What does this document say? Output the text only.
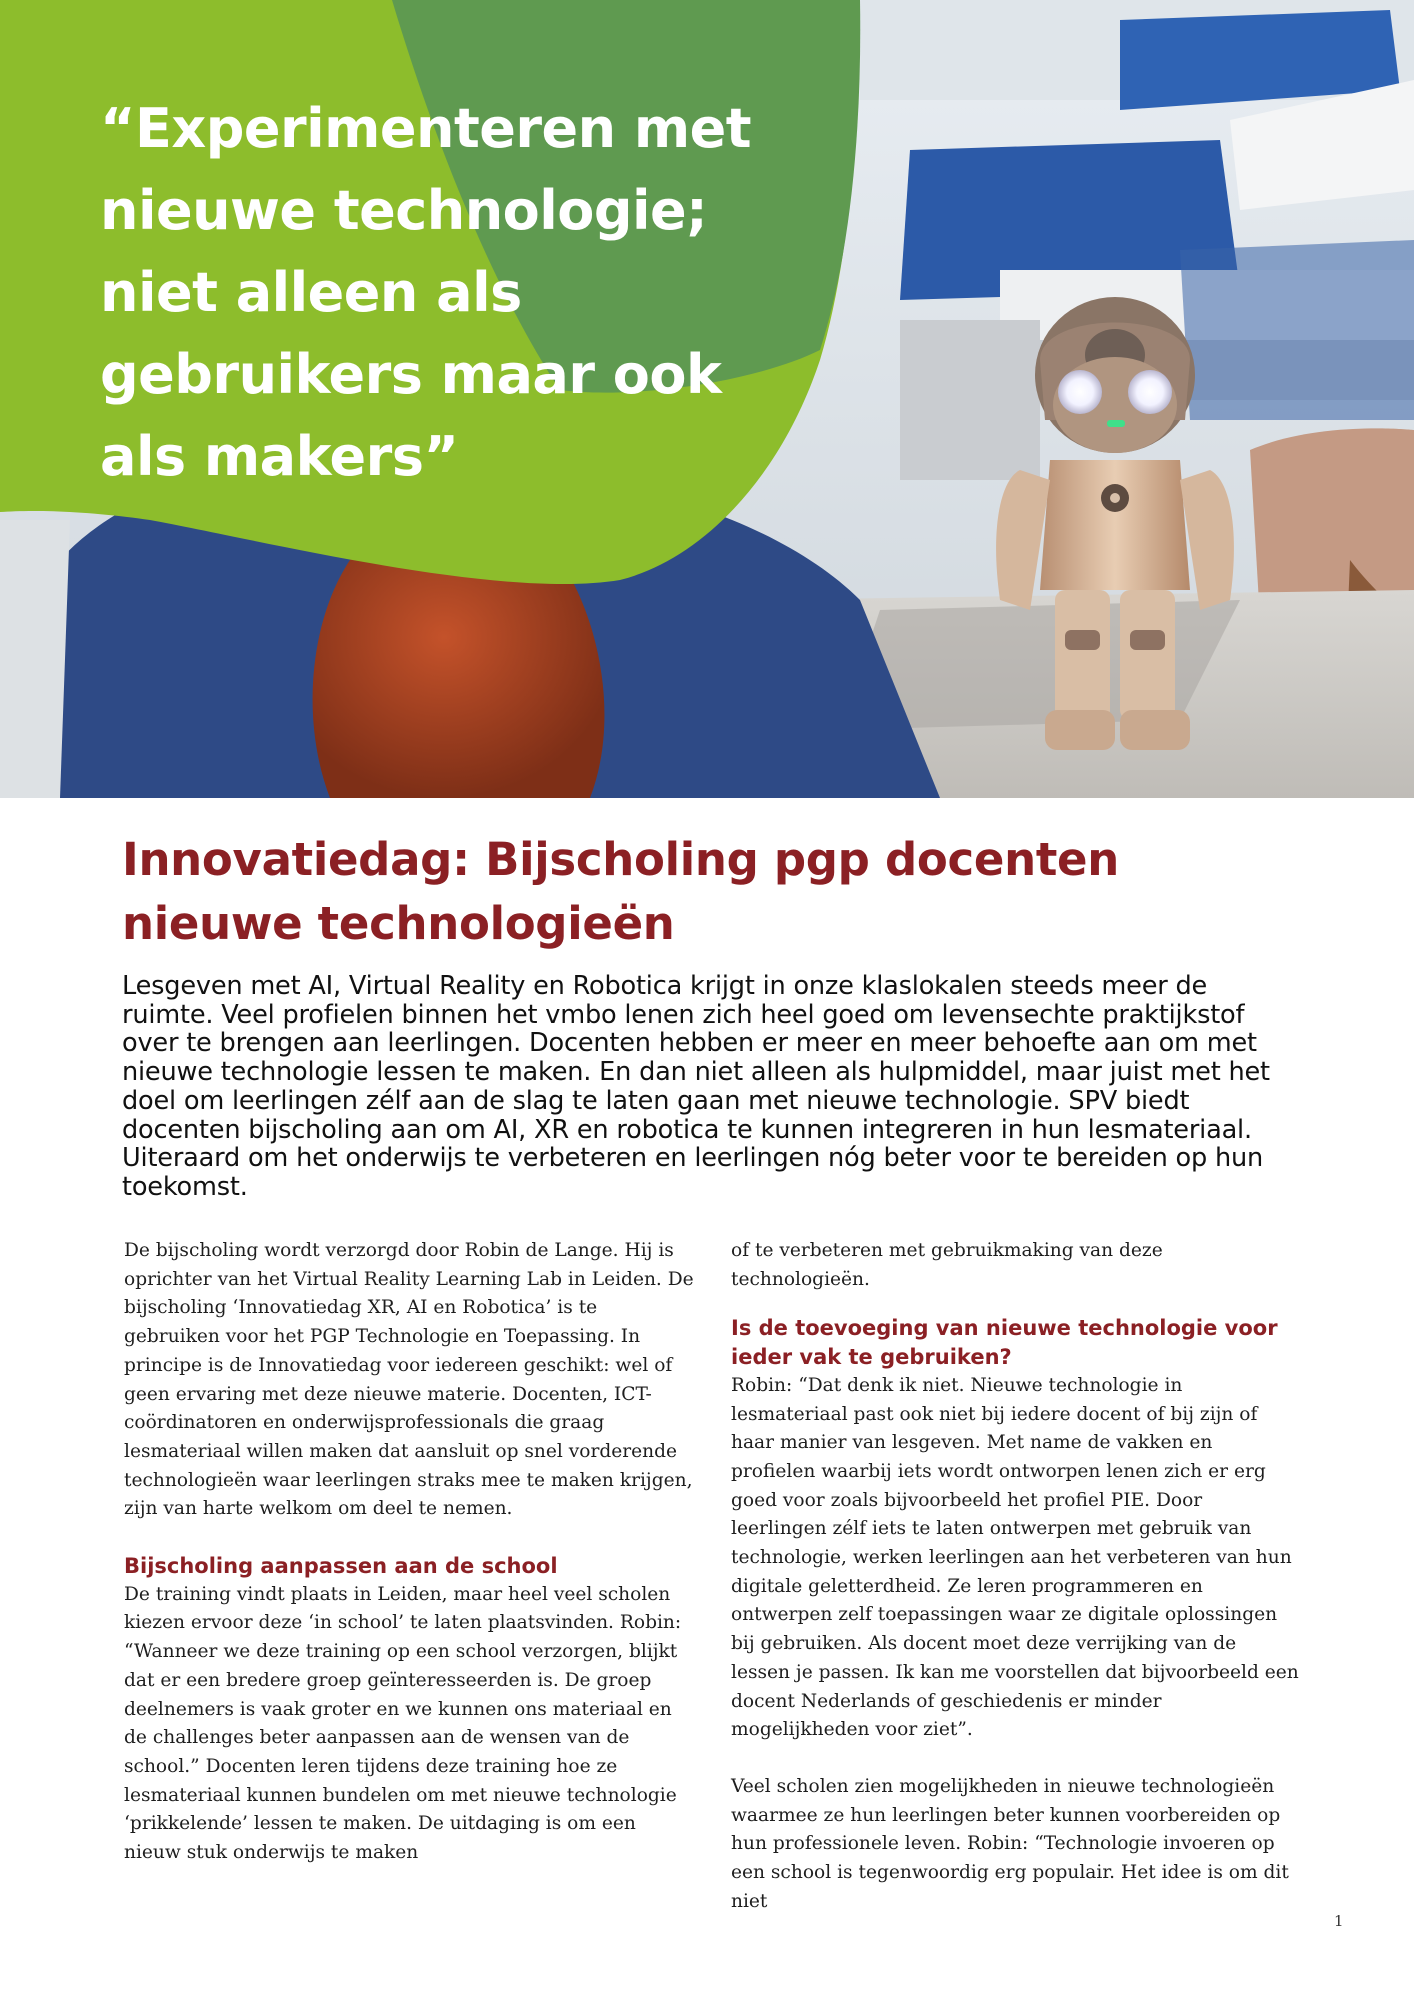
“Experimenteren met
nieuwe technologie;
niet alleen als
gebruikers maar ook
als makers”

Innovatiedag: Bijscholing pgp docenten
nieuwe technologieën

Lesgeven met AI, Virtual Reality en Robotica krijgt in onze klaslokalen steeds meer de ruimte. Veel profielen binnen het vmbo lenen zich heel goed om levensechte praktijkstof over te brengen aan leerlingen. Docenten hebben er meer en meer behoefte aan om met nieuwe technologie lessen te maken. En dan niet alleen als hulpmiddel, maar juist met het doel om leerlingen zélf aan de slag te laten gaan met nieuwe technologie. SPV biedt docenten bijscholing aan om AI, XR en robotica te kunnen integreren in hun lesmateriaal. Uiteraard om het onderwijs te verbeteren en leerlingen nóg beter voor te bereiden op hun toekomst.

De bijscholing wordt verzorgd door Robin de Lange. Hij is oprichter van het Virtual Reality Learning Lab in Leiden. De bijscholing ‘Innovatiedag XR, AI en Robotica’ is te gebruiken voor het PGP Technologie en Toepassing. In principe is de Innovatiedag voor iedereen geschikt: wel of geen ervaring met deze nieuwe materie. Docenten, ICT-coördinatoren en onderwijsprofessionals die graag lesmateriaal willen maken dat aansluit op snel vorderende technologieën waar leerlingen straks mee te maken krijgen, zijn van harte welkom om deel te nemen.

Bijscholing aanpassen aan de school

De training vindt plaats in Leiden, maar heel veel scholen kiezen ervoor deze ‘in school’ te laten plaatsvinden. Robin: “Wanneer we deze training op een school verzorgen, blijkt dat er een bredere groep geïnteresseerden is. De groep deelnemers is vaak groter en we kunnen ons materiaal en de challenges beter aanpassen aan de wensen van de school.” Docenten leren tijdens deze training hoe ze lesmateriaal kunnen bundelen om met nieuwe technologie ‘prikkelende’ lessen te maken. De uitdaging is om een nieuw stuk onderwijs te maken

of te verbeteren met gebruikmaking van deze technologieën.

Is de toevoeging van nieuwe technologie voor ieder vak te gebruiken?

Robin: “Dat denk ik niet. Nieuwe technologie in lesmateriaal past ook niet bij iedere docent of bij zijn of haar manier van lesgeven. Met name de vakken en profielen waarbij iets wordt ontworpen lenen zich er erg goed voor zoals bijvoorbeeld het profiel PIE. Door leerlingen zélf iets te laten ontwerpen met gebruik van technologie, werken leerlingen aan het verbeteren van hun digitale geletterdheid. Ze leren programmeren en ontwerpen zelf toepassingen waar ze digitale oplossingen bij gebruiken. Als docent moet deze verrijking van de lessen je passen. Ik kan me voorstellen dat bijvoorbeeld een docent Nederlands of geschiedenis er minder mogelijkheden voor ziet”.

Veel scholen zien mogelijkheden in nieuwe technologieën waarmee ze hun leerlingen beter kunnen voorbereiden op hun professionele leven. Robin: “Technologie invoeren op een school is tegenwoordig erg populair. Het idee is om dit niet

1
